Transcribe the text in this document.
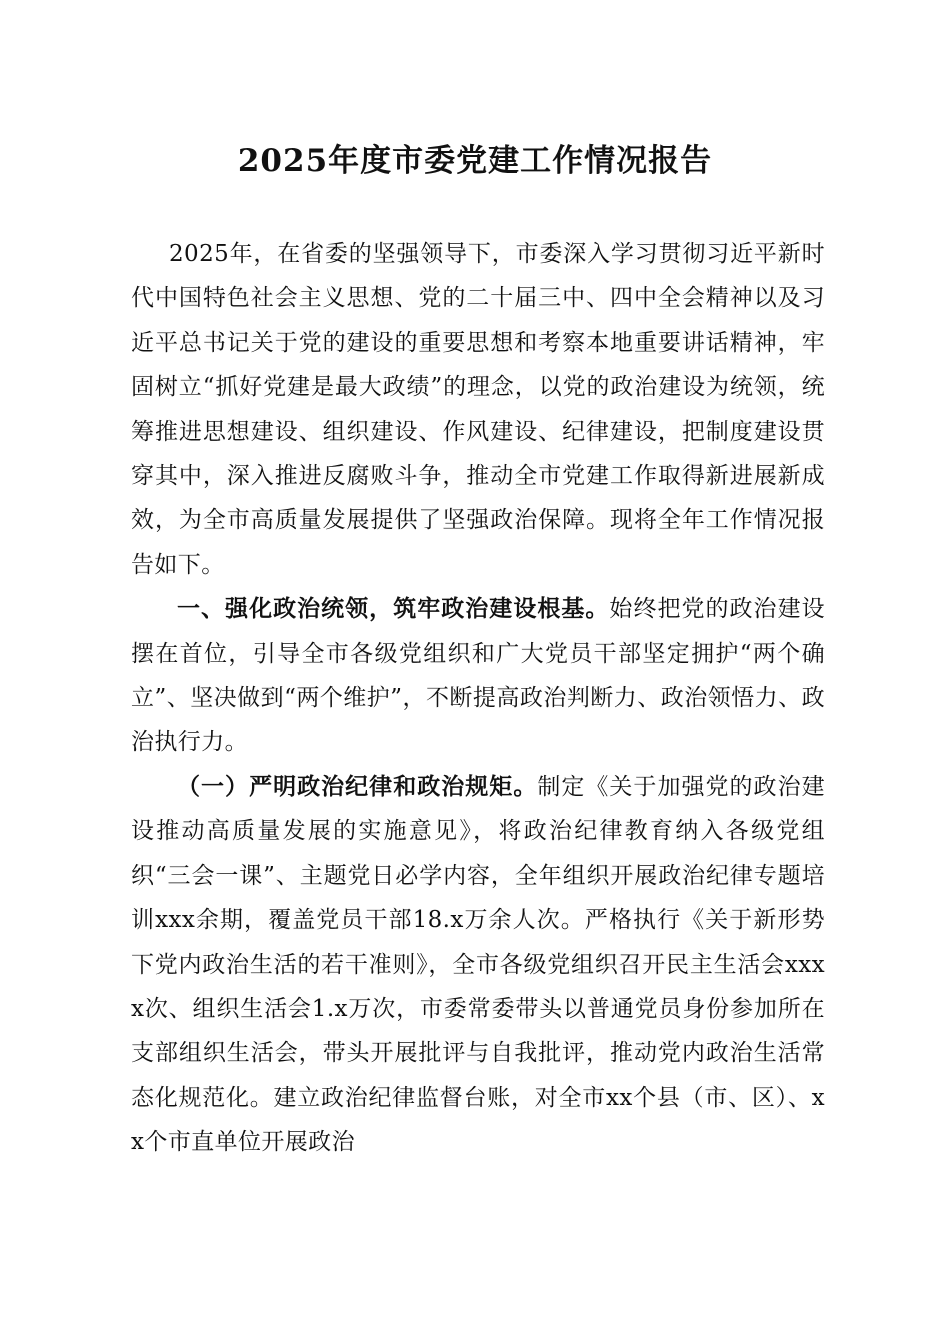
2025年度市委党建工作情况报告

2025年，在省委的坚强领导下，市委深入学习贯彻习近平新时代中国特色社会主义思想、党的二十届三中、四中全会精神以及习近平总书记关于党的建设的重要思想和考察本地重要讲话精神，牢固树立“抓好党建是最大政绩”的理念，以党的政治建设为统领，统筹推进思想建设、组织建设、作风建设、纪律建设，把制度建设贯穿其中，深入推进反腐败斗争，推动全市党建工作取得新进展新成效，为全市高质量发展提供了坚强政治保障。现将全年工作情况报告如下。

一、强化政治统领，筑牢政治建设根基。始终把党的政治建设摆在首位，引导全市各级党组织和广大党员干部坚定拥护“两个确立”、坚决做到“两个维护”，不断提高政治判断力、政治领悟力、政治执行力。

（一）严明政治纪律和政治规矩。制定《关于加强党的政治建设推动高质量发展的实施意见》，将政治纪律教育纳入各级党组织“三会一课”、主题党日必学内容，全年组织开展政治纪律专题培训xxx余期，覆盖党员干部18.x万余人次。严格执行《关于新形势下党内政治生活的若干准则》，全市各级党组织召开民主生活会xxxx次、组织生活会1.x万次，市委常委带头以普通党员身份参加所在支部组织生活会，带头开展批评与自我批评，推动党内政治生活常态化规范化。建立政治纪律监督台账，对全市xx个县（市、区）、xx个市直单位开展政治
